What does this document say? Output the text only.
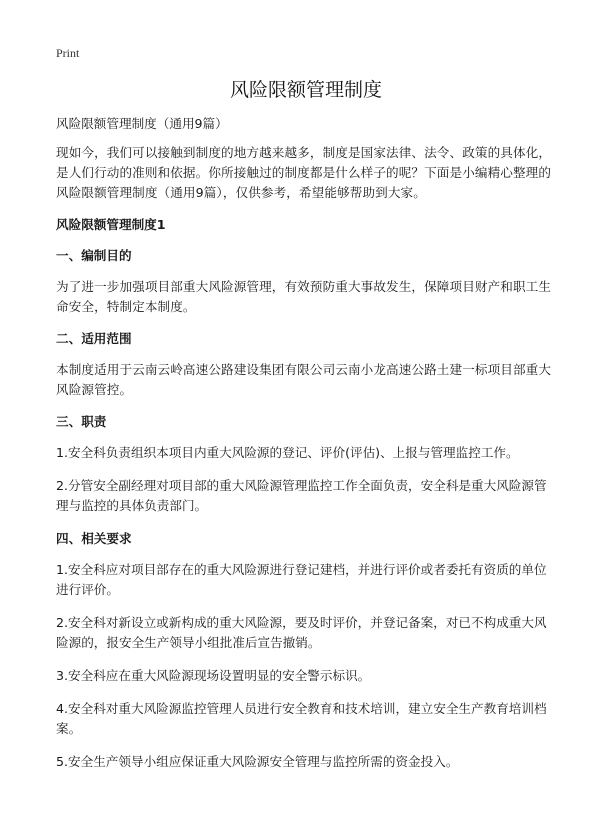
Print
风险限额管理制度
风险限额管理制度（通用9篇）
现如今，我们可以接触到制度的地方越来越多，制度是国家法律、法令、政策的具体化，是人们行动的准则和依据。你所接触过的制度都是什么样子的呢？下面是小编精心整理的风险限额管理制度（通用9篇），仅供参考，希望能够帮助到大家。
风险限额管理制度1
一、编制目的
为了进一步加强项目部重大风险源管理，有效预防重大事故发生，保障项目财产和职工生命安全，特制定本制度。
二、适用范围
本制度适用于云南云岭高速公路建设集团有限公司云南小龙高速公路土建一标项目部重大风险源管控。
三、职责
1.安全科负责组织本项目内重大风险源的登记、评价(评估)、上报与管理监控工作。
2.分管安全副经理对项目部的重大风险源管理监控工作全面负责，安全科是重大风险源管理与监控的具体负责部门。
四、相关要求
1.安全科应对项目部存在的重大风险源进行登记建档，并进行评价或者委托有资质的单位进行评价。
2.安全科对新设立或新构成的重大风险源，要及时评价，并登记备案，对已不构成重大风险源的，报安全生产领导小组批准后宣告撤销。
3.安全科应在重大风险源现场设置明显的安全警示标识。
4.安全科对重大风险源监控管理人员进行安全教育和技术培训，建立安全生产教育培训档案。
5.安全生产领导小组应保证重大风险源安全管理与监控所需的资金投入。
